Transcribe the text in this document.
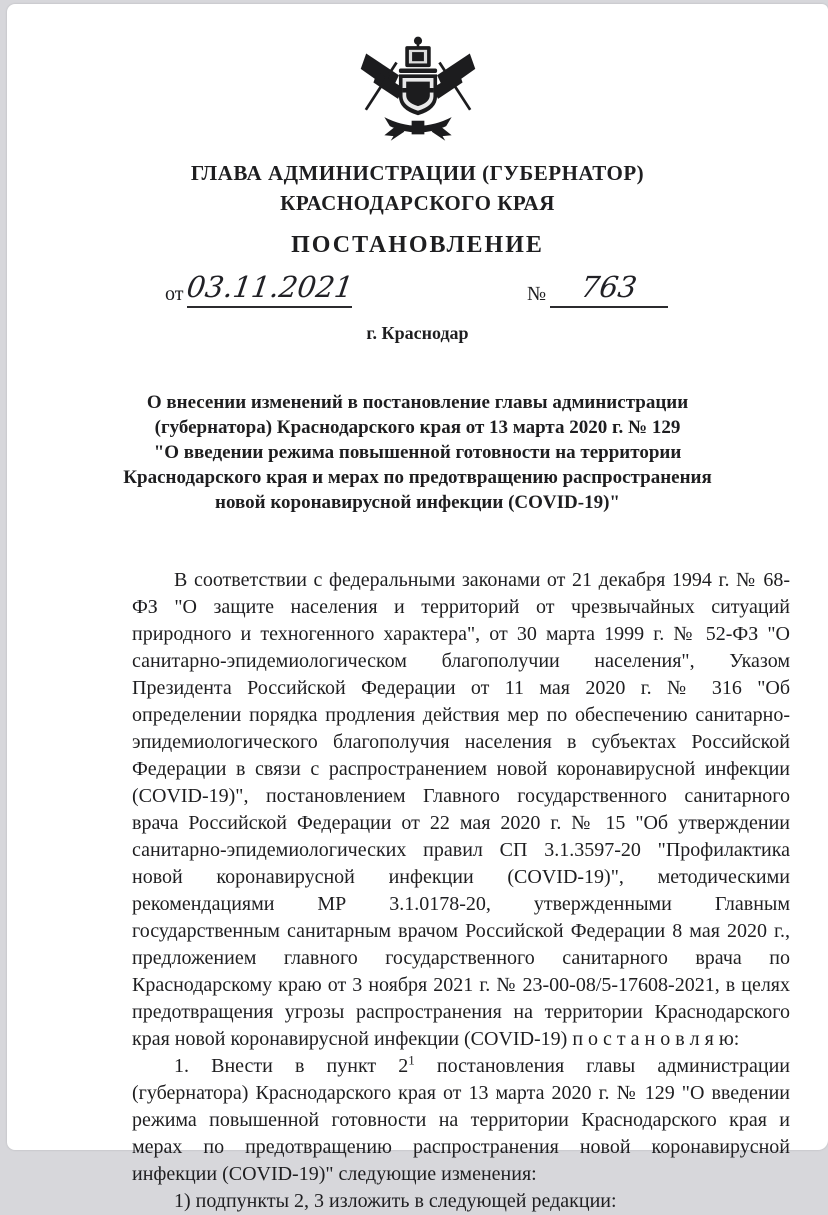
ГЛАВА АДМИНИСТРАЦИИ (ГУБЕРНАТОР)
КРАСНОДАРСКОГО КРАЯ
ПОСТАНОВЛЕНИЕ
от 03.11.2021	№	763
г. Краснодар
О внесении изменений в постановление главы администрации
(губернатора) Краснодарского края от 13 марта 2020 г. № 129
"О введении режима повышенной готовности на территории
Краснодарского края и мерах по предотвращению распространения
новой коронавирусной инфекции (COVID-19)"

В соответствии с федеральными законами от 21 декабря 1994 г. № 68-ФЗ "О защите населения и территорий от чрезвычайных ситуаций природного и техногенного характера", от 30 марта 1999 г. № 52-ФЗ "О санитарно-эпидемиологическом благополучии населения", Указом Президента Российской Федерации от 11 мая 2020 г. № 316 "Об определении порядка продления действия мер по обеспечению санитарно-эпидемиологического благополучия населения в субъектах Российской Федерации в связи с распространением новой коронавирусной инфекции (COVID-19)", постановлением Главного государственного санитарного врача Российской Федерации от 22 мая 2020 г. № 15 "Об утверждении санитарно-эпидемиологических правил СП 3.1.3597-20 "Профилактика новой коронавирусной инфекции (COVID-19)", методическими рекомендациями МР 3.1.0178-20, утвержденными Главным государственным санитарным врачом Российской Федерации 8 мая 2020 г., предложением главного государственного санитарного врача по Краснодарскому краю от 3 ноября 2021 г. № 23-00-08/5-17608-2021, в целях предотвращения угрозы распространения на территории Краснодарского края новой коронавирусной инфекции (COVID-19) п о с т а н о в л я ю:

1. Внести в пункт $2^1$ постановления главы администрации (губернатора) Краснодарского края от 13 марта 2020 г. № 129 "О введении режима повышенной готовности на территории Краснодарского края и мерах по предотвращению распространения новой коронавирусной инфекции (COVID-19)" следующие изменения:

1) подпункты 2, 3 изложить в следующей редакции:
